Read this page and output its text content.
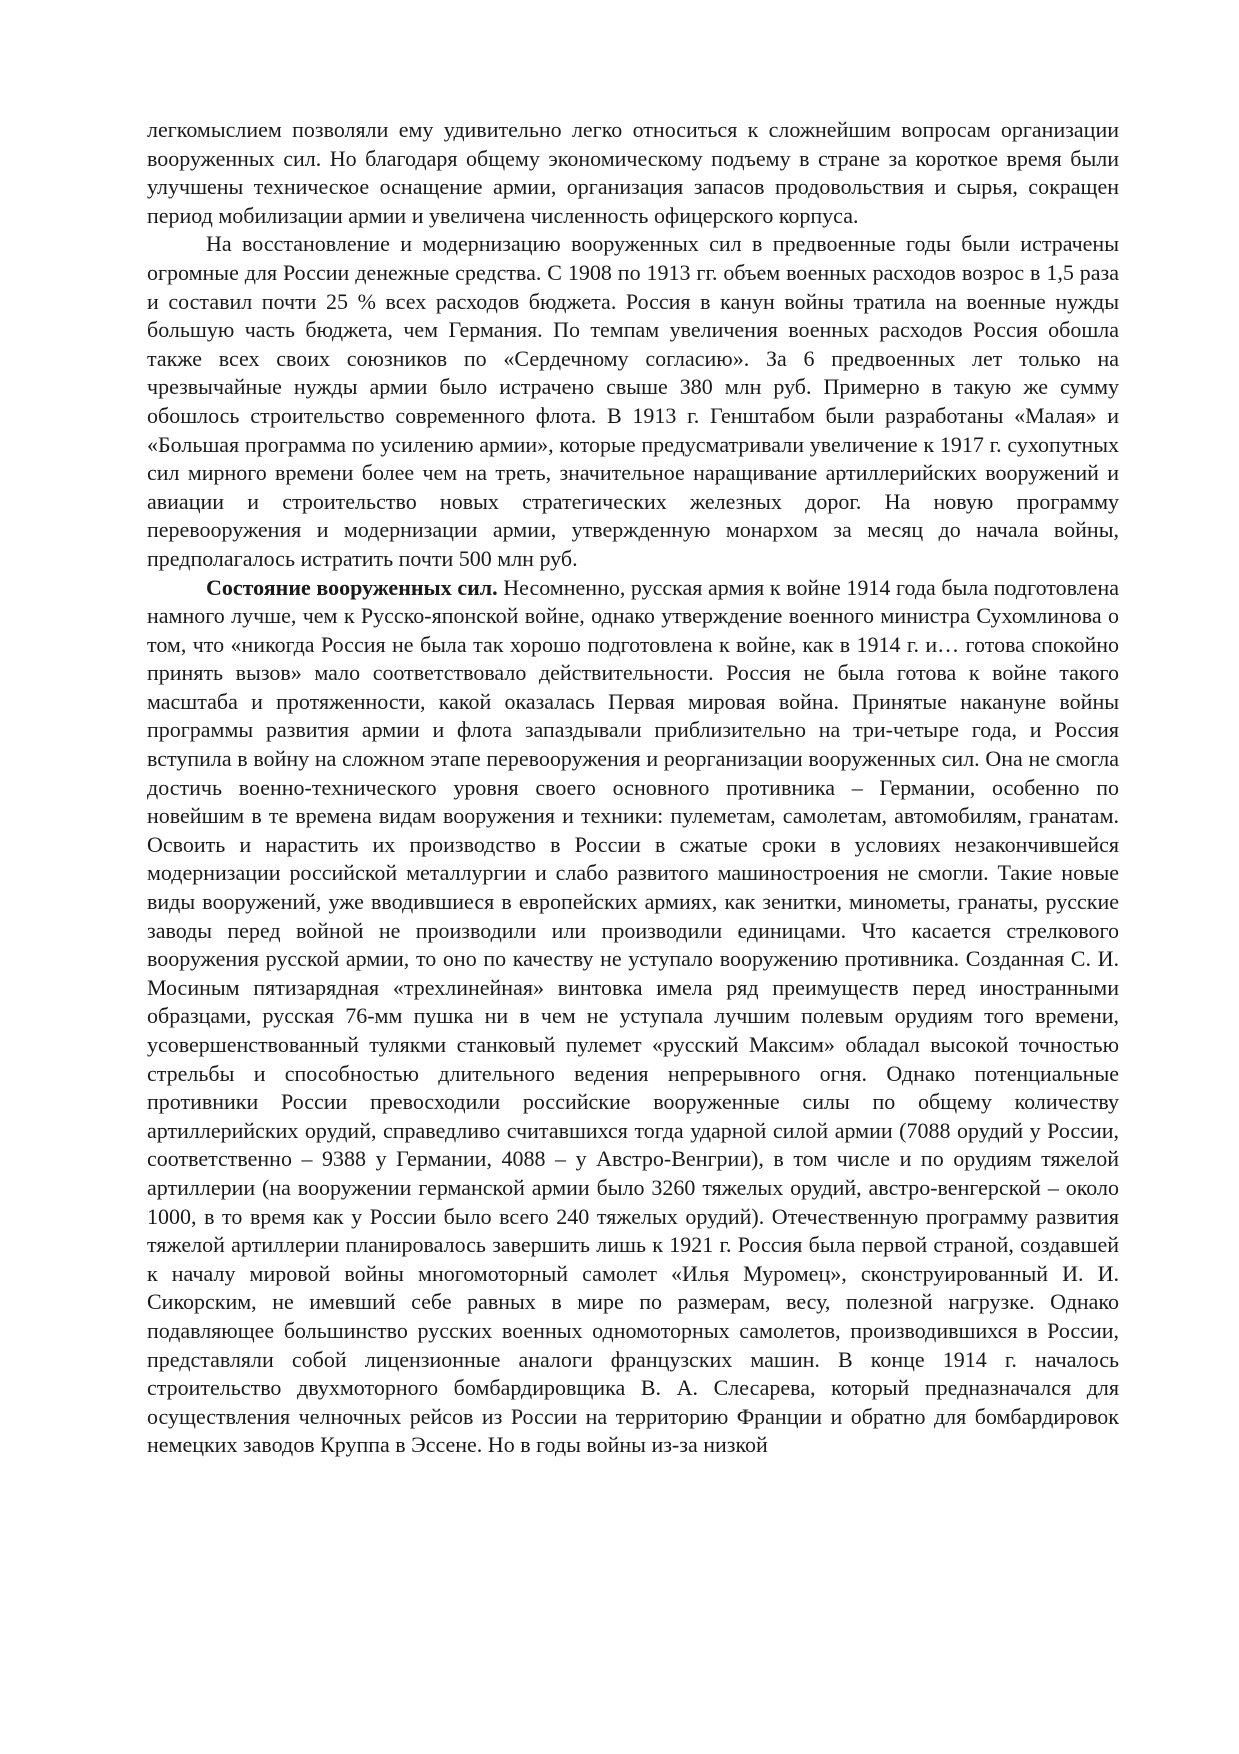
легкомыслием позволяли ему удивительно легко относиться к сложнейшим вопросам организации вооруженных сил. Но благодаря общему экономическому подъему в стране за короткое время были улучшены техническое оснащение армии, организация запасов продовольствия и сырья, сокращен период мобилизации армии и увеличена численность офицерского корпуса.

На восстановление и модернизацию вооруженных сил в предвоенные годы были истрачены огромные для России денежные средства. С 1908 по 1913 гг. объем военных расходов возрос в 1,5 раза и составил почти 25 % всех расходов бюджета. Россия в канун войны тратила на военные нужды большую часть бюджета, чем Германия. По темпам увеличения военных расходов Россия обошла также всех своих союзников по «Сердечному согласию». За 6 предвоенных лет только на чрезвычайные нужды армии было истрачено свыше 380 млн руб. Примерно в такую же сумму обошлось строительство современного флота. В 1913 г. Генштабом были разработаны «Малая» и «Большая программа по усилению армии», которые предусматривали увеличение к 1917 г. сухопутных сил мирного времени более чем на треть, значительное наращивание артиллерийских вооружений и авиации и строительство новых стратегических железных дорог. На новую программу перевооружения и модернизации армии, утвержденную монархом за месяц до начала войны, предполагалось истратить почти 500 млн руб.

Состояние вооруженных сил. Несомненно, русская армия к войне 1914 года была подготовлена намного лучше, чем к Русско-японской войне, однако утверждение военного министра Сухомлинова о том, что «никогда Россия не была так хорошо подготовлена к войне, как в 1914 г. и… готова спокойно принять вызов» мало соответствовало действительности. Россия не была готова к войне такого масштаба и протяженности, какой оказалась Первая мировая война. Принятые накануне войны программы развития армии и флота запаздывали приблизительно на три-четыре года, и Россия вступила в войну на сложном этапе перевооружения и реорганизации вооруженных сил. Она не смогла достичь военно-технического уровня своего основного противника – Германии, особенно по новейшим в те времена видам вооружения и техники: пулеметам, самолетам, автомобилям, гранатам. Освоить и нарастить их производство в России в сжатые сроки в условиях незакончившейся модернизации российской металлургии и слабо развитого машиностроения не смогли. Такие новые виды вооружений, уже вводившиеся в европейских армиях, как зенитки, минометы, гранаты, русские заводы перед войной не производили или производили единицами. Что касается стрелкового вооружения русской армии, то оно по качеству не уступало вооружению противника. Созданная С. И. Мосиным пятизарядная «трехлинейная» винтовка имела ряд преимуществ перед иностранными образцами, русская 76-мм пушка ни в чем не уступала лучшим полевым орудиям того времени, усовершенствованный тулякми станковый пулемет «русский Максим» обладал высокой точностью стрельбы и способностью длительного ведения непрерывного огня. Однако потенциальные противники России превосходили российские вооруженные силы по общему количеству артиллерийских орудий, справедливо считавшихся тогда ударной силой армии (7088 орудий у России, соответственно – 9388 у Германии, 4088 – у Австро-Венгрии), в том числе и по орудиям тяжелой артиллерии (на вооружении германской армии было 3260 тяжелых орудий, австро-венгерской – около 1000, в то время как у России было всего 240 тяжелых орудий). Отечественную программу развития тяжелой артиллерии планировалось завершить лишь к 1921 г. Россия была первой страной, создавшей к началу мировой войны многомоторный самолет «Илья Муромец», сконструированный И. И. Сикорским, не имевший себе равных в мире по размерам, весу, полезной нагрузке. Однако подавляющее большинство русских военных одномоторных самолетов, производившихся в России, представляли собой лицензионные аналоги французских машин. В конце 1914 г. началось строительство двухмоторного бомбардировщика В. А. Слесарева, который предназначался для осуществления челночных рейсов из России на территорию Франции и обратно для бомбардировок немецких заводов Круппа в Эссене. Но в годы войны из-за низкой
